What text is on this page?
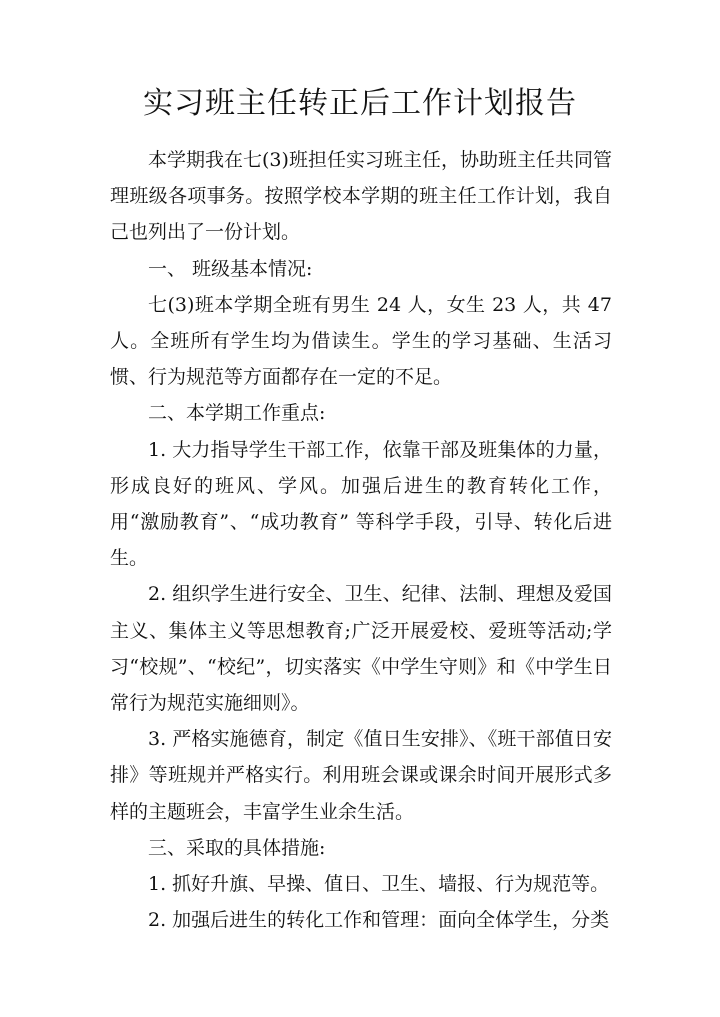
实习班主任转正后工作计划报告

本学期我在七(3)班担任实习班主任，协助班主任共同管理班级各项事务。按照学校本学期的班主任工作计划，我自己也列出了一份计划。

一、 班级基本情况:

七(3)班本学期全班有男生 24 人，女生 23 人，共 47 人。全班所有学生均为借读生。学生的学习基础、生活习惯、行为规范等方面都存在一定的不足。

二、本学期工作重点:

1. 大力指导学生干部工作，依靠干部及班集体的力量，形成良好的班风、学风。加强后进生的教育转化工作，用“激励教育”、“成功教育” 等科学手段，引导、转化后进生。

2. 组织学生进行安全、卫生、纪律、法制、理想及爱国主义、集体主义等思想教育;广泛开展爱校、爱班等活动;学习“校规”、“校纪”，切实落实《中学生守则》和《中学生日常行为规范实施细则》。

3. 严格实施德育，制定《值日生安排》、《班干部值日安排》等班规并严格实行。利用班会课或课余时间开展形式多样的主题班会，丰富学生业余生活。

三、采取的具体措施:

1. 抓好升旗、早操、值日、卫生、墙报、行为规范等。

2. 加强后进生的转化工作和管理：面向全体学生，分类
